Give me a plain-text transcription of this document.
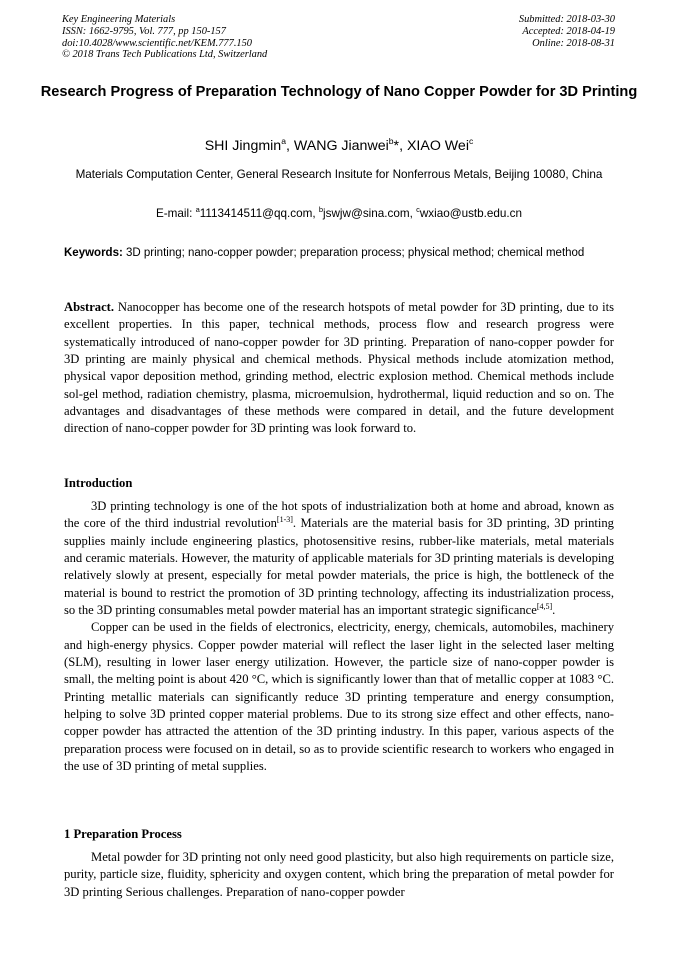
Key Engineering Materials
ISSN: 1662-9795, Vol. 777, pp 150-157
doi:10.4028/www.scientific.net/KEM.777.150
© 2018 Trans Tech Publications Ltd, Switzerland
Submitted: 2018-03-30
Accepted: 2018-04-19
Online: 2018-08-31
Research Progress of Preparation Technology of Nano Copper Powder for 3D Printing
SHI Jingmin$^a$, WANG Jianwei$^b$*, XIAO Wei$^c$
Materials Computation Center, General Research Insitute for Nonferrous Metals, Beijing 10080, China
E-mail: $^a$1113414511@qq.com, $^b$jswjw@sina.com, $^c$wxiao@ustb.edu.cn
Keywords: 3D printing; nano-copper powder; preparation process; physical method; chemical method
Abstract. Nanocopper has become one of the research hotspots of metal powder for 3D printing, due to its excellent properties. In this paper, technical methods, process flow and research progress were systematically introduced of nano-copper powder for 3D printing. Preparation of nano-copper powder for 3D printing are mainly physical and chemical methods. Physical methods include atomization method, physical vapor deposition method, grinding method, electric explosion method. Chemical methods include sol-gel method, radiation chemistry, plasma, microemulsion, hydrothermal, liquid reduction and so on. The advantages and disadvantages of these methods were compared in detail, and the future development direction of nano-copper powder for 3D printing was look forward to.
Introduction

3D printing technology is one of the hot spots of industrialization both at home and abroad, known as the core of the third industrial revolution[1-3]. Materials are the material basis for 3D printing, 3D printing supplies mainly include engineering plastics, photosensitive resins, rubber-like materials, metal materials and ceramic materials. However, the maturity of applicable materials for 3D printing materials is developing relatively slowly at present, especially for metal powder materials, the price is high, the bottleneck of the material is bound to restrict the promotion of 3D printing technology, affecting its industrialization process, so the 3D printing consumables metal powder material has an important strategic significance[4,5].

Copper can be used in the fields of electronics, electricity, energy, chemicals, automobiles, machinery and high-energy physics. Copper powder material will reflect the laser light in the selected laser melting (SLM), resulting in lower laser energy utilization. However, the particle size of nano-copper powder is small, the melting point is about 420 °C, which is significantly lower than that of metallic copper at 1083 °C. Printing metallic materials can significantly reduce 3D printing temperature and energy consumption, helping to solve 3D printed copper material problems. Due to its strong size effect and other effects, nano-copper powder has attracted the attention of the 3D printing industry. In this paper, various aspects of the preparation process were focused on in detail, so as to provide scientific research to workers who engaged in the use of 3D printing of metal supplies.

1 Preparation Process

Metal powder for 3D printing not only need good plasticity, but also high requirements on particle size, purity, particle size, fluidity, sphericity and oxygen content, which bring the preparation of metal powder for 3D printing Serious challenges. Preparation of nano-copper powder
